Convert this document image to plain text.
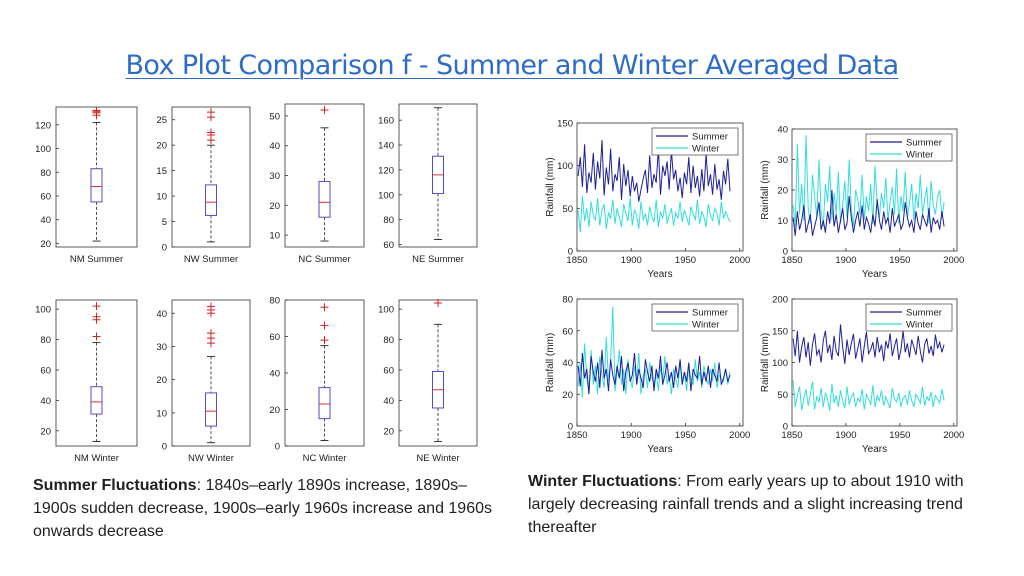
Box Plot Comparison f - Summer and Winter Averaged Data
20
40
60
80
100
120
NM Summer
0
5
10
15
20
25
NW Summer
10
20
30
40
50
NC Summer
60
80
100
120
140
160
NE Summer
20
40
60
80
100
NM Winter
0
10
20
30
40
NW Winter
0
20
40
60
80
NC Winter
20
40
60
80
100
NE Winter
0
50
100
150
1850	1900	1950	2000
Years
Rainfall (mm)
Summer
Winter
0
10
20
30
40
1850	1900	1950	2000
Years
Rainfall (mm)
Summer
Winter
0
20
40
60
80
1850	1900	1950	2000
Years
Rainfall (mm)
Summer
Winter
0
50
100
150
200
1850	1900	1950	2000
Years
Rainfall (mm)
Summer
Winter
Summer Fluctuations: 1840s–early 1890s increase, 1890s–1900s sudden decrease, 1900s–early 1960s increase and 1960s onwards decrease
Winter Fluctuations: From early years up to about 1910 with largely decreasing rainfall trends and a slight increasing trend thereafter
